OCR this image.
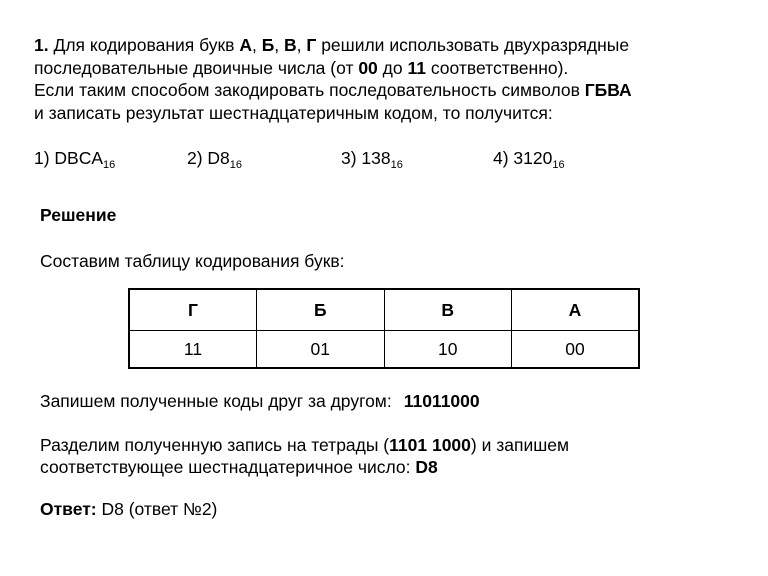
1. Для кодирования букв А, Б, В, Г решили использовать двухразрядные
последовательные двоичные числа (от 00 до 11 соответственно).
Если таким способом закодировать последовательность символов ГБВА
и записать результат шестнадцатеричным кодом, то получится:
1) $DBCA_{16}$	2) $D8_{16}$	3) $138_{16}$	4) $3120_{16}$
Решение
Составим таблицу кодирования букв:
Г	Б	В	А
11	01	10	00
Запишем полученные коды друг за другом: 11011000
Разделим полученную запись на тетрады (1101 1000) и запишем
соответствующее шестнадцатеричное число: D8
Ответ: D8 (ответ №2)
